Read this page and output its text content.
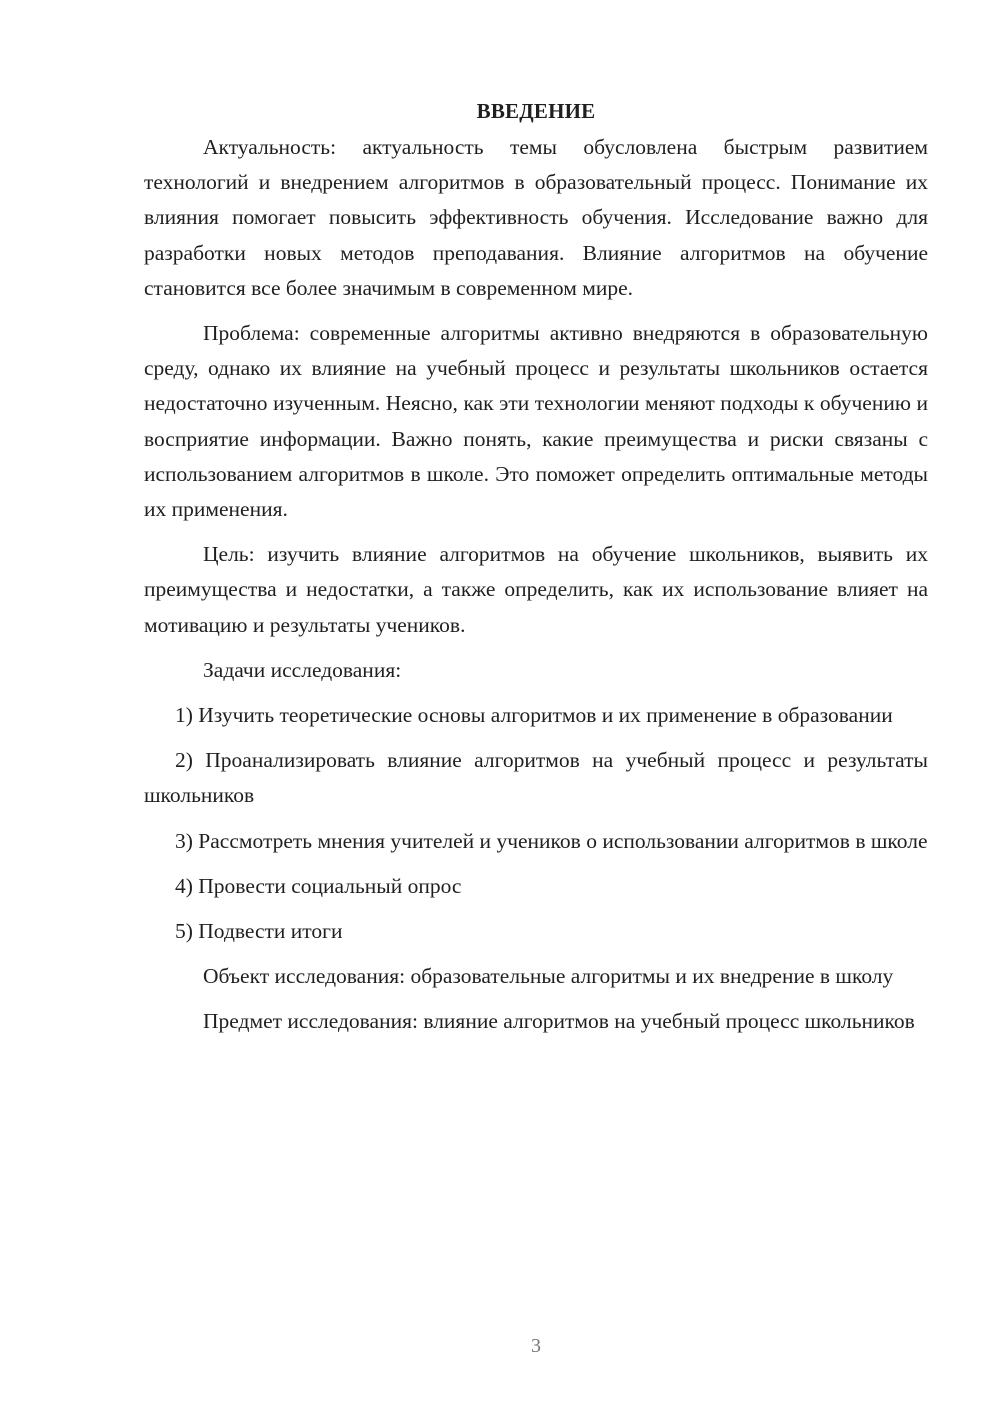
ВВЕДЕНИЕ

Актуальность: актуальность темы обусловлена быстрым развитием технологий и внедрением алгоритмов в образовательный процесс. Понимание их влияния помогает повысить эффективность обучения. Исследование важно для разработки новых методов преподавания. Влияние алгоритмов на обучение становится все более значимым в современном мире.

Проблема: современные алгоритмы активно внедряются в образовательную среду, однако их влияние на учебный процесс и результаты школьников остается недостаточно изученным. Неясно, как эти технологии меняют подходы к обучению и восприятие информации. Важно понять, какие преимущества и риски связаны с использованием алгоритмов в школе. Это поможет определить оптимальные методы их применения.

Цель: изучить влияние алгоритмов на обучение школьников, выявить их преимущества и недостатки, а также определить, как их использование влияет на мотивацию и результаты учеников.

Задачи исследования:

1) Изучить теоретические основы алгоритмов и их применение в образовании

2) Проанализировать влияние алгоритмов на учебный процесс и результаты школьников

3) Рассмотреть мнения учителей и учеников о использовании алгоритмов в школе

4) Провести социальный опрос

5) Подвести итоги

Объект исследования: образовательные алгоритмы и их внедрение в школу

Предмет исследования: влияние алгоритмов на учебный процесс школьников

3
